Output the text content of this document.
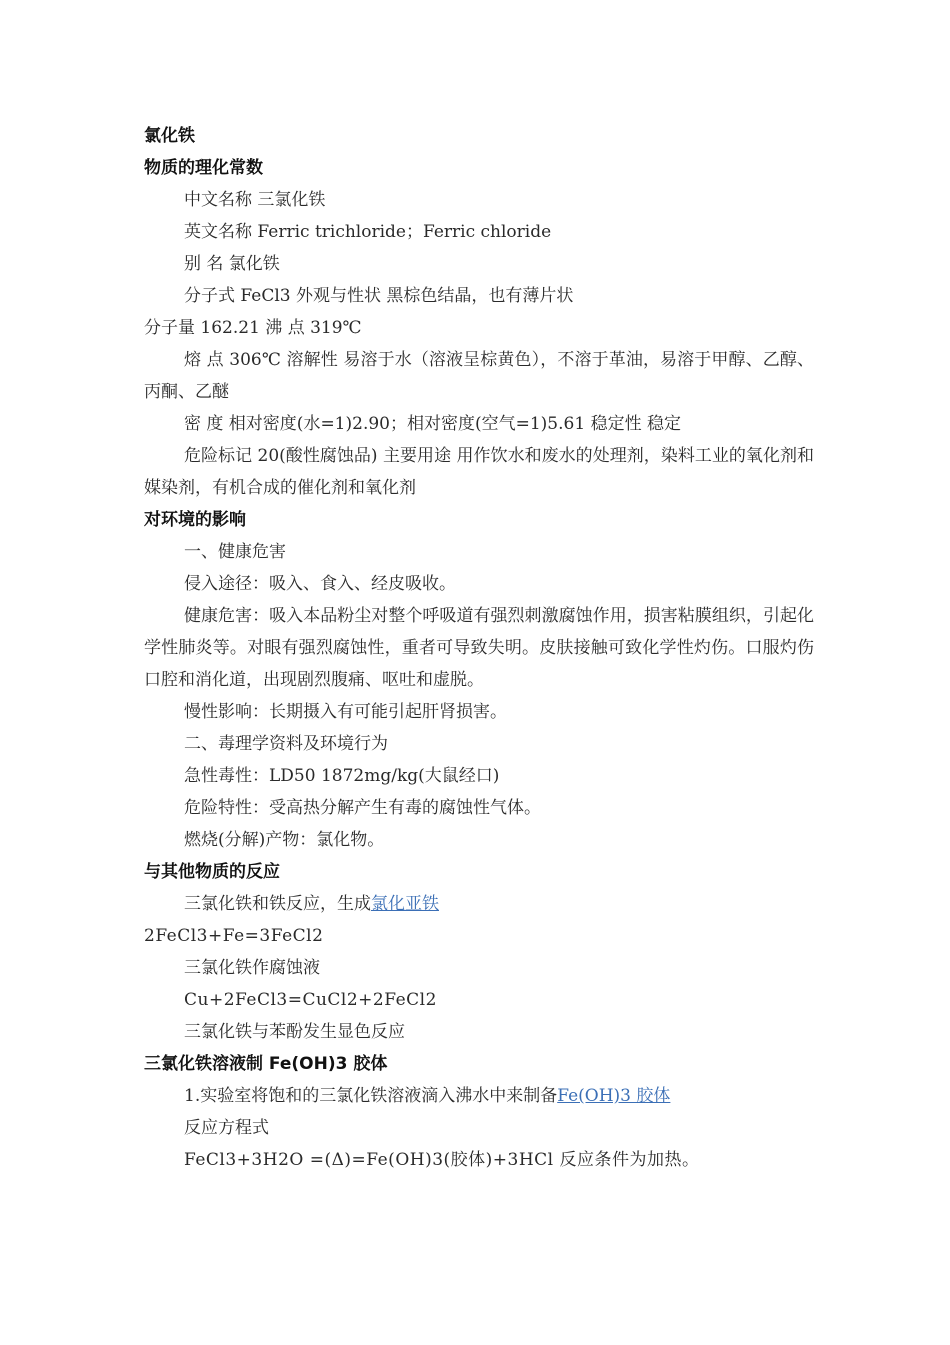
氯化铁

物质的理化常数

中文名称 三氯化铁

英文名称 Ferric trichloride；Ferric chloride

别 名 氯化铁

分子式 FeCl3 外观与性状 黑棕色结晶，也有薄片状

分子量 162.21 沸 点 319℃

熔 点 306℃ 溶解性 易溶于水（溶液呈棕黄色），不溶于革油，易溶于甲醇、乙醇、丙酮、乙醚

密 度 相对密度(水=1)2.90；相对密度(空气=1)5.61 稳定性 稳定

危险标记 20(酸性腐蚀品) 主要用途 用作饮水和废水的处理剂，染料工业的氧化剂和媒染剂，有机合成的催化剂和氧化剂

对环境的影响

一、健康危害

侵入途径：吸入、食入、经皮吸收。

健康危害：吸入本品粉尘对整个呼吸道有强烈刺激腐蚀作用，损害粘膜组织，引起化学性肺炎等。对眼有强烈腐蚀性，重者可导致失明。皮肤接触可致化学性灼伤。口服灼伤口腔和消化道，出现剧烈腹痛、呕吐和虚脱。

慢性影响：长期摄入有可能引起肝肾损害。

二、毒理学资料及环境行为

急性毒性：LD50 1872mg/kg(大鼠经口)

危险特性：受高热分解产生有毒的腐蚀性气体。

燃烧(分解)产物：氯化物。

与其他物质的反应

三氯化铁和铁反应，生成氯化亚铁

2FeCl3+Fe=3FeCl2

三氯化铁作腐蚀液

Cu+2FeCl3=CuCl2+2FeCl2

三氯化铁与苯酚发生显色反应

三氯化铁溶液制 Fe(OH)3 胶体

1.实验室将饱和的三氯化铁溶液滴入沸水中来制备Fe(OH)3 胶体

反应方程式

FeCl3+3H2O =(Δ)=Fe(OH)3(胶体)+3HCl 反应条件为加热。
